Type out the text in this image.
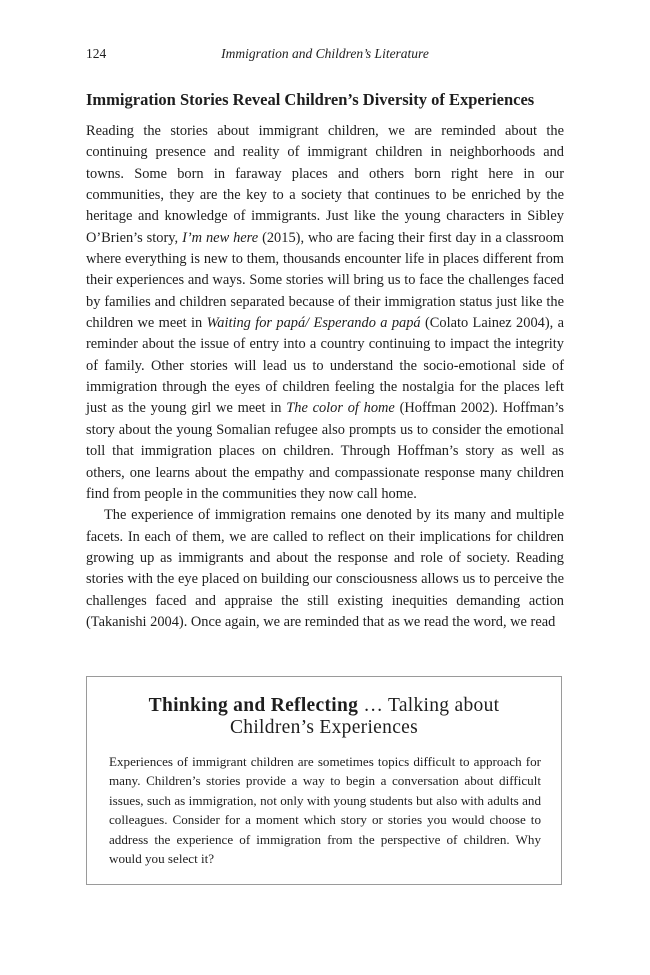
124	Immigration and Children’s Literature
Immigration Stories Reveal Children’s Diversity of Experiences

Reading the stories about immigrant children, we are reminded about the continuing presence and reality of immigrant children in neighborhoods and towns. Some born in faraway places and others born right here in our communities, they are the key to a society that continues to be enriched by the heritage and knowledge of immigrants. Just like the young characters in Sibley O’Brien’s story, I’m new here (2015), who are facing their first day in a classroom where everything is new to them, thousands encounter life in places different from their experiences and ways. Some stories will bring us to face the challenges faced by families and children separated because of their immigration status just like the children we meet in Waiting for papá/ Esperando a papá (Colato Lainez 2004), a reminder about the issue of entry into a country continuing to impact the integrity of family. Other stories will lead us to understand the socio-emotional side of immigration through the eyes of children feeling the nostalgia for the places left just as the young girl we meet in The color of home (Hoffman 2002). Hoffman’s story about the young Somalian refugee also prompts us to consider the emotional toll that immigration places on children. Through Hoffman’s story as well as others, one learns about the empathy and compassionate response many children find from people in the communities they now call home.

The experience of immigration remains one denoted by its many and multiple facets. In each of them, we are called to reflect on their implications for children growing up as immigrants and about the response and role of society. Reading stories with the eye placed on building our consciousness allows us to perceive the challenges faced and appraise the still existing inequities demanding action (Takanishi 2004). Once again, we are reminded that as we read the word, we read

Thinking and Reflecting … Talking about
Children’s Experiences

Experiences of immigrant children are sometimes topics difficult to approach for many. Children’s stories provide a way to begin a conversation about difficult issues, such as immigration, not only with young students but also with adults and colleagues. Consider for a moment which story or stories you would choose to address the experience of immigration from the perspective of children. Why would you select it?
